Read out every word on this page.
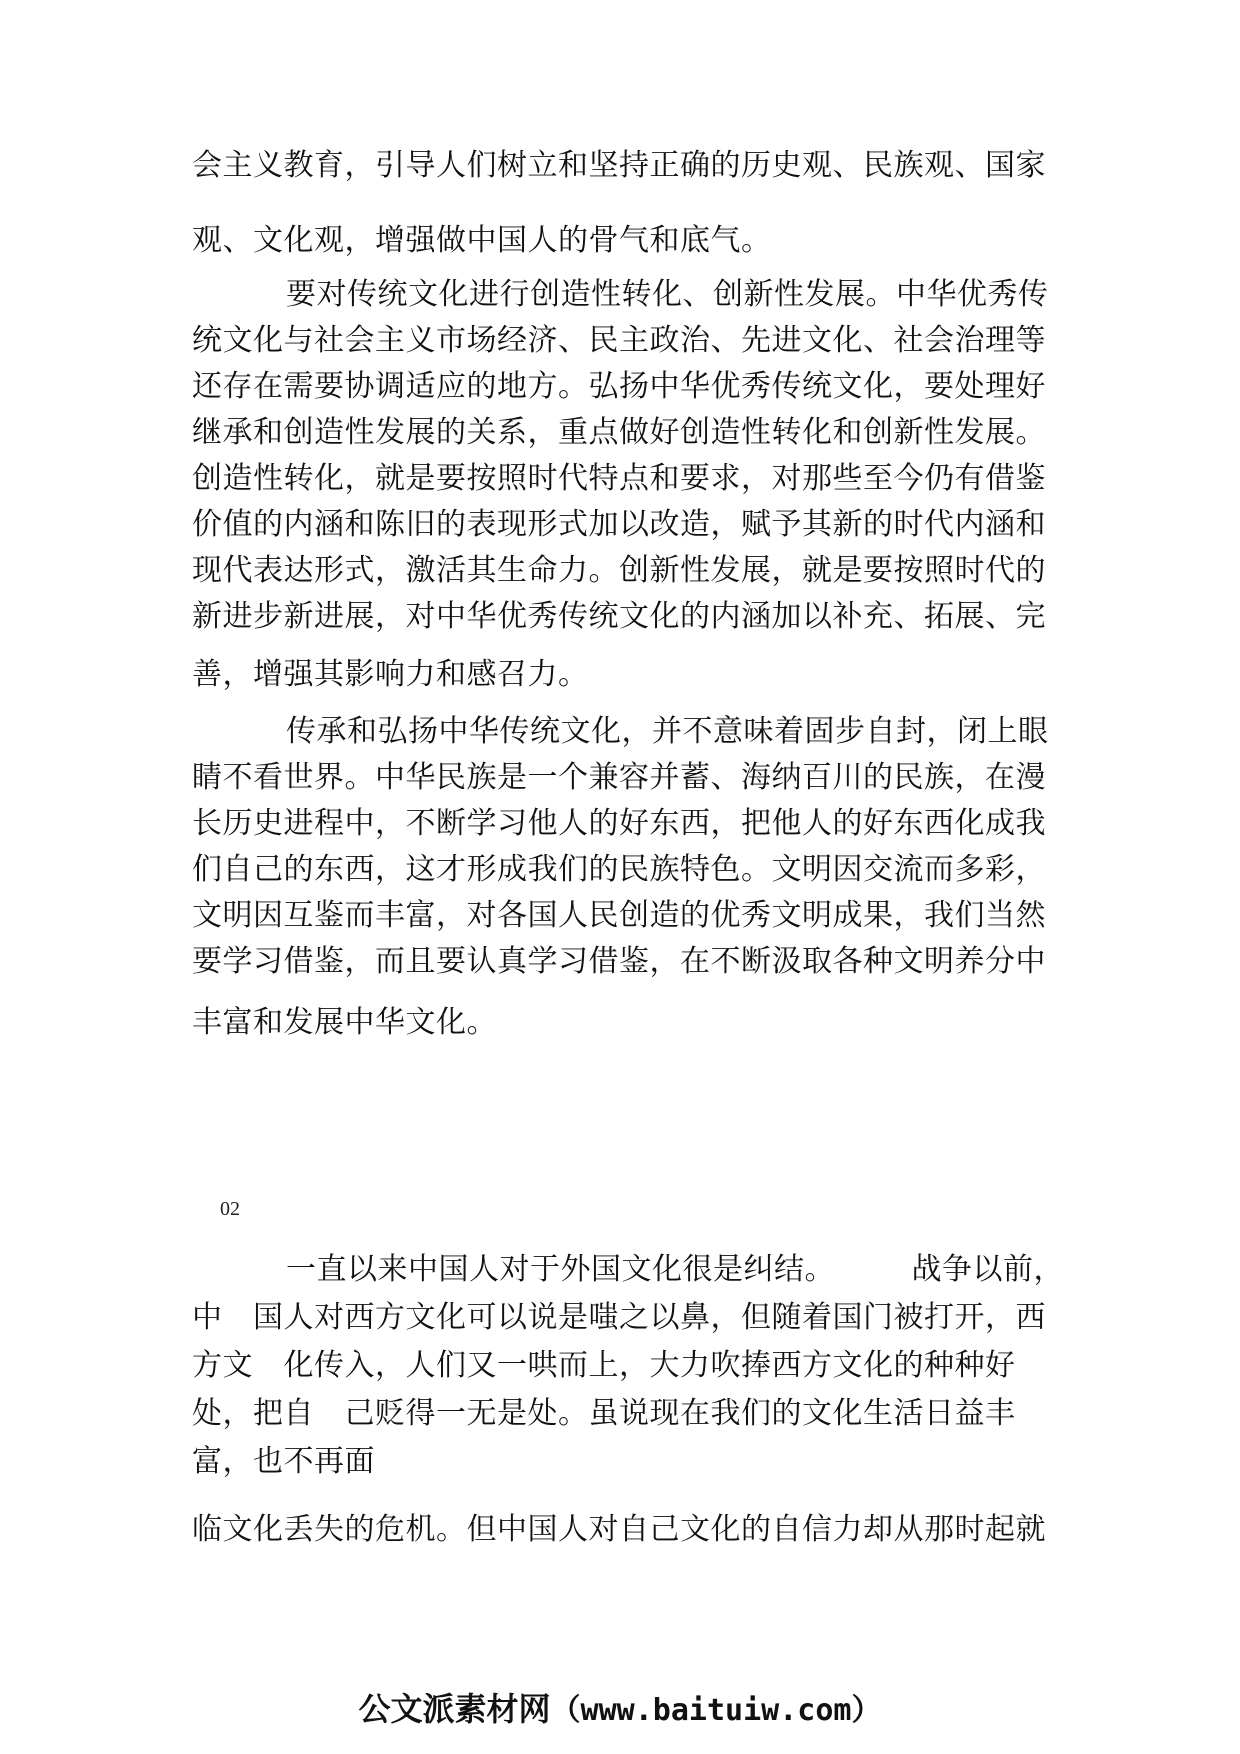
会主义教育，引导人们树立和坚持正确的历史观、民族观、国家
观、文化观，增强做中国人的骨气和底气。
要对传统文化进行创造性转化、创新性发展。中华优秀传
统文化与社会主义市场经济、民主政治、先进文化、社会治理等
还存在需要协调适应的地方。弘扬中华优秀传统文化，要处理好
继承和创造性发展的关系，重点做好创造性转化和创新性发展。
创造性转化，就是要按照时代特点和要求，对那些至今仍有借鉴
价值的内涵和陈旧的表现形式加以改造，赋予其新的时代内涵和
现代表达形式，激活其生命力。创新性发展，就是要按照时代的
新进步新进展，对中华优秀传统文化的内涵加以补充、拓展、完
善，增强其影响力和感召力。
传承和弘扬中华传统文化，并不意味着固步自封，闭上眼
睛不看世界。中华民族是一个兼容并蓄、海纳百川的民族，在漫
长历史进程中，不断学习他人的好东西，把他人的好东西化成我
们自己的东西，这才形成我们的民族特色。文明因交流而多彩，
文明因互鉴而丰富，对各国人民创造的优秀文明成果，我们当然
要学习借鉴，而且要认真学习借鉴，在不断汲取各种文明养分中
丰富和发展中华文化。
02
一直以来中国人对于外国文化很是纠结。　　　战争以前，
中　国人对西方文化可以说是嗤之以鼻，但随着国门被打开，西
方文　化传入，人们又一哄而上，大力吹捧西方文化的种种好
处，把自　己贬得一无是处。虽说现在我们的文化生活日益丰
富，也不再面
临文化丢失的危机。但中国人对自己文化的自信力却从那时起就
公文派素材网（www.baituiw.com）
